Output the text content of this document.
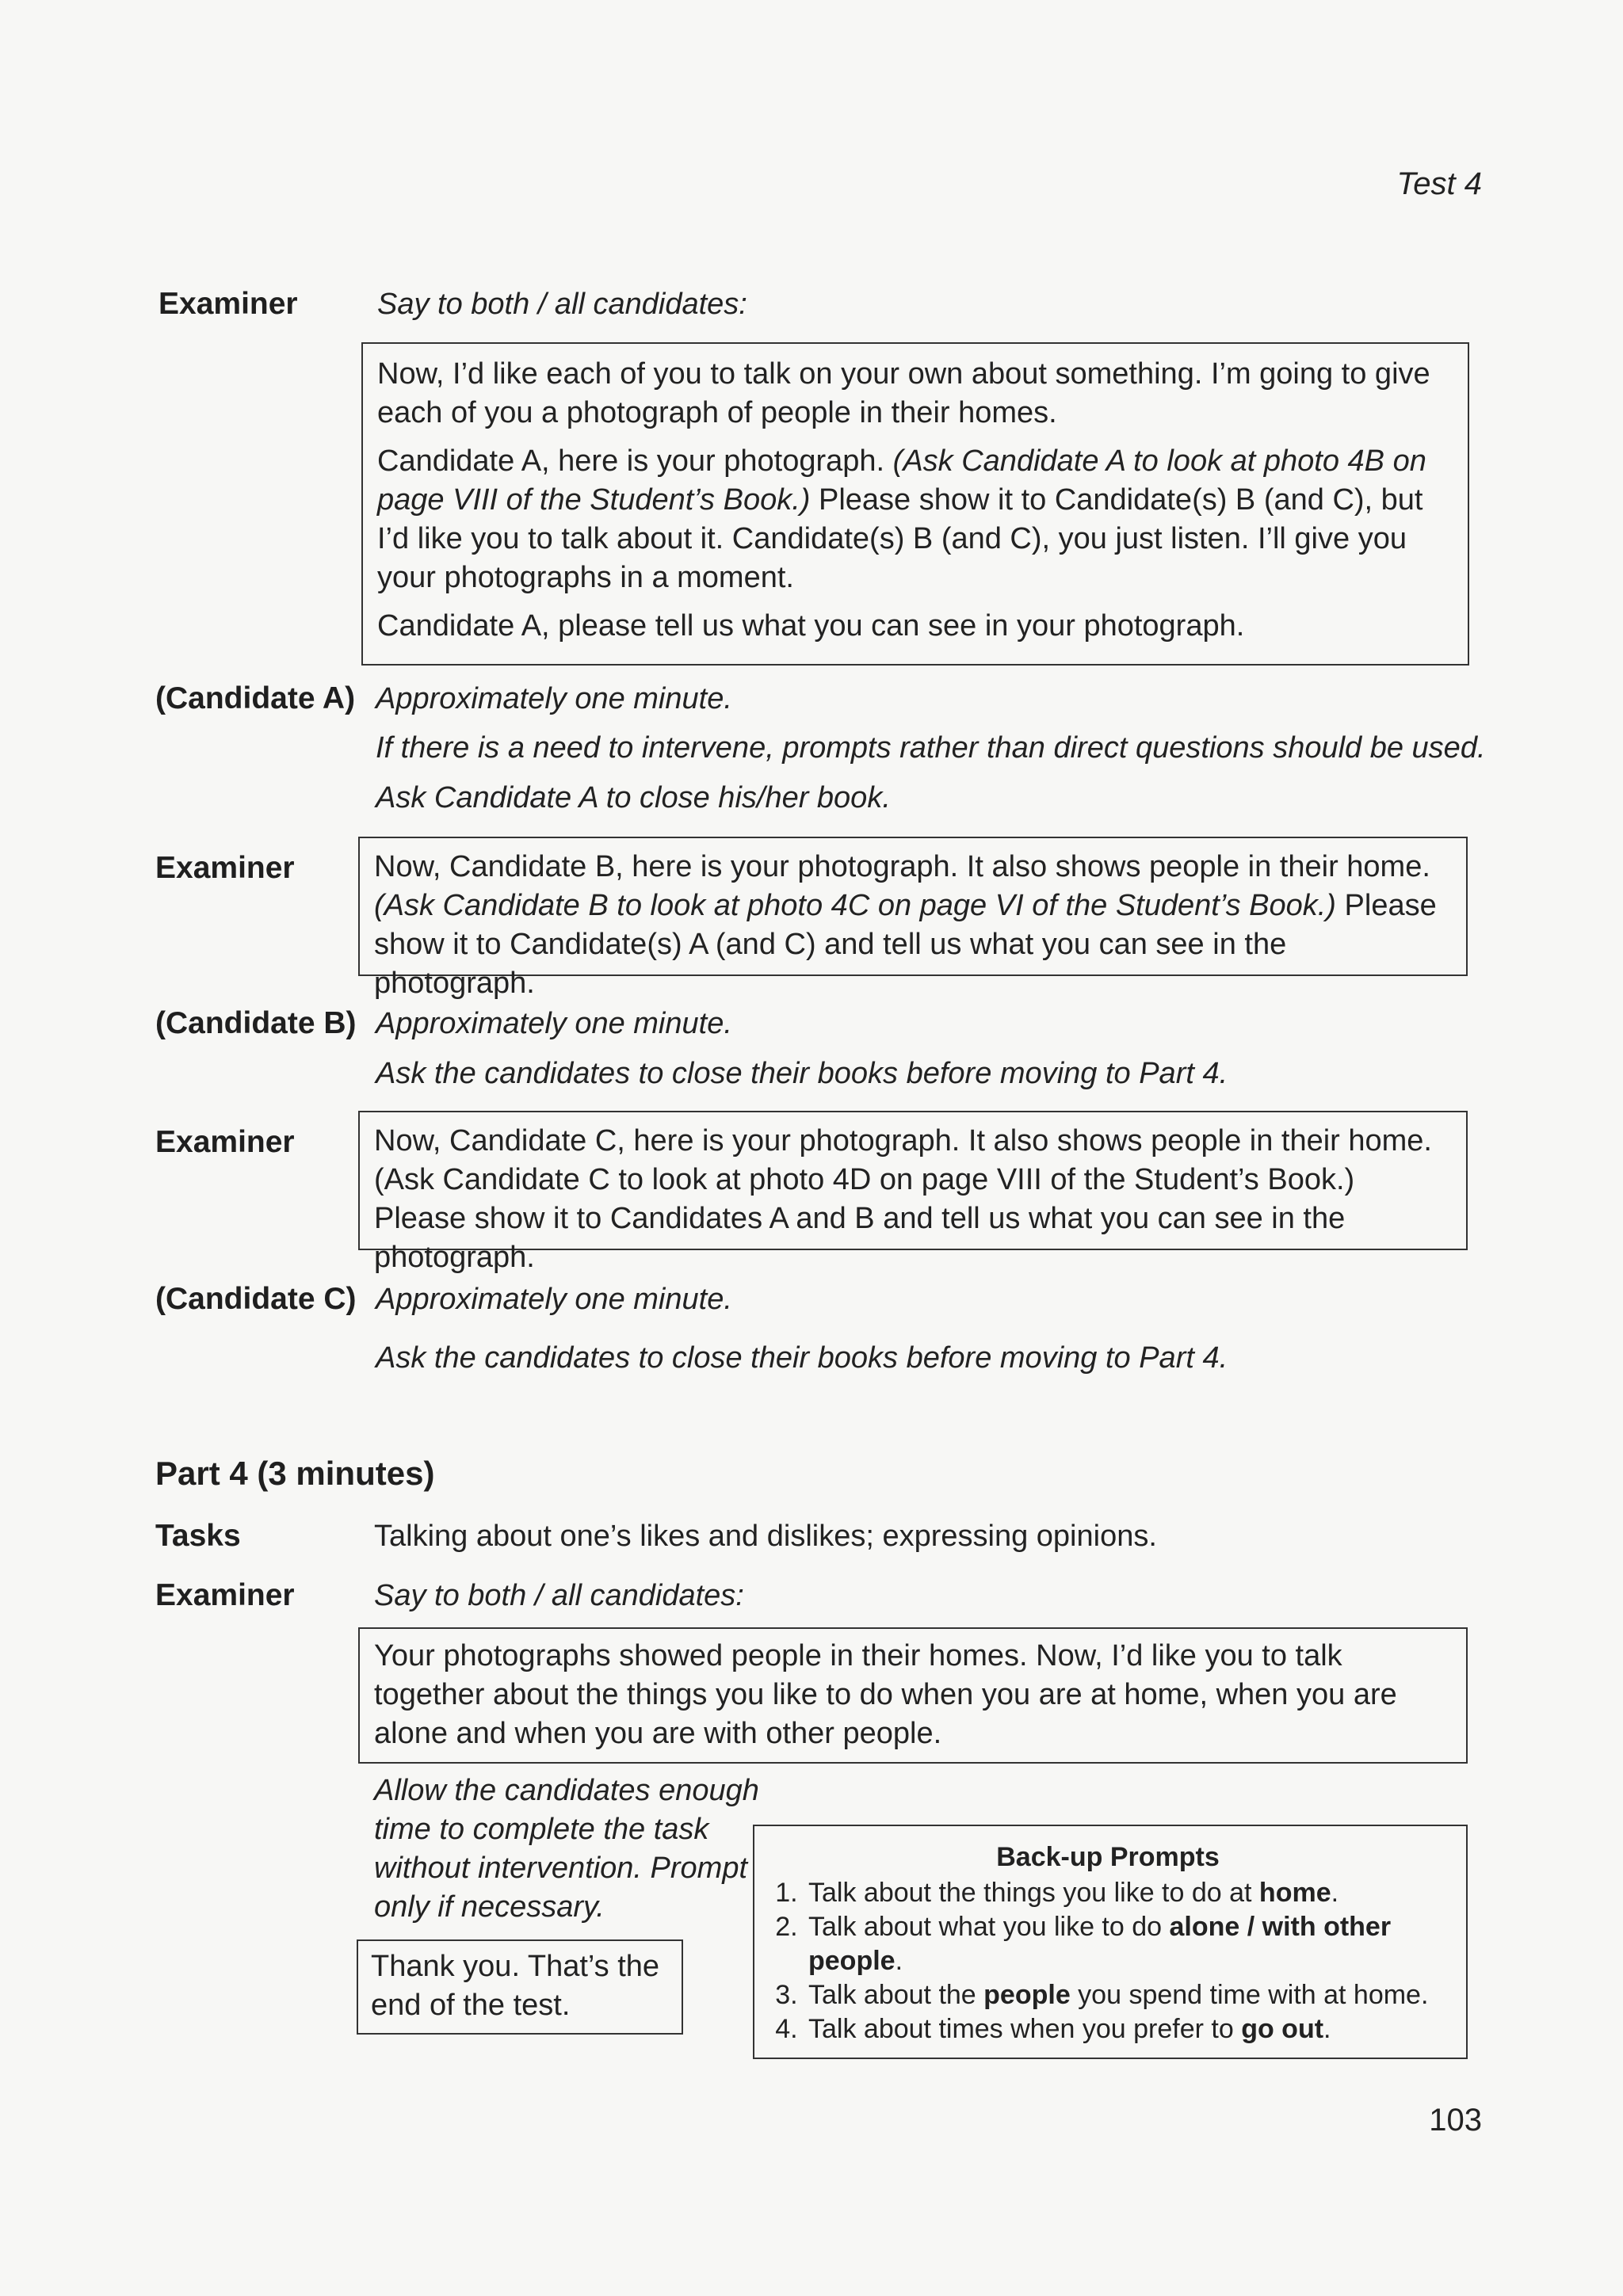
Test 4
Examiner	Say to both / all candidates:

Now, I’d like each of you to talk on your own about something. I’m going to give each of you a photograph of people in their homes.

Candidate A, here is your photograph. (Ask Candidate A to look at photo 4B on page VIII of the Student’s Book.) Please show it to Candidate(s) B (and C), but I’d like you to talk about it. Candidate(s) B (and C), you just listen. I’ll give you your photographs in a moment.

Candidate A, please tell us what you can see in your photograph.

(Candidate A) Approximately one minute.
If there is a need to intervene, prompts rather than direct questions should be used.
Ask Candidate A to close his/her book.
Examiner	Now, Candidate B, here is your photograph. It also shows people in their home. (Ask Candidate B to look at photo 4C on page VI of the Student’s Book.) Please show it to Candidate(s) A (and C) and tell us what you can see in the photograph.

(Candidate B) Approximately one minute.
Ask the candidates to close their books before moving to Part 4.
Examiner	Now, Candidate C, here is your photograph. It also shows people in their home. (Ask Candidate C to look at photo 4D on page VIII of the Student’s Book.) Please show it to Candidates A and B and tell us what you can see in the photograph.

(Candidate C) Approximately one minute.
Ask the candidates to close their books before moving to Part 4.
Part 4 (3 minutes)
Tasks	Talking about one’s likes and dislikes; expressing opinions.
Examiner	Say to both / all candidates:

Your photographs showed people in their homes. Now, I’d like you to talk together about the things you like to do when you are at home, when you are alone and when you are with other people.

Allow the candidates enough time to complete the task without intervention. Prompt only if necessary.

Thank you. That’s the end of the test.

Back-up Prompts
1. Talk about the things you like to do at home.
2. Talk about what you like to do alone / with other people.
3. Talk about the people you spend time with at home.
4. Talk about times when you prefer to go out.
103
